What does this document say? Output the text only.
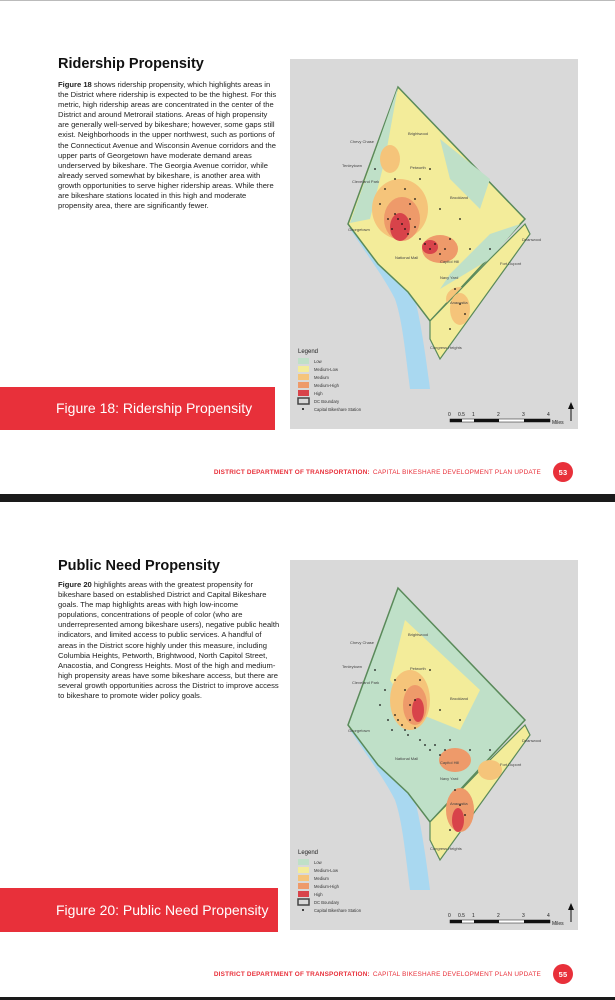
Ridership Propensity
Figure 18 shows ridership propensity, which highlights areas in the District where ridership is expected to be the highest. For this metric, high ridership areas are concentrated in the center of the District and around Metrorail stations. Areas of high propensity are generally well-served by bikeshare; however, some gaps still exist. Neighborhoods in the upper northwest, such as portions of the Connecticut Avenue and Wisconsin Avenue corridors and the upper parts of Georgetown have moderate demand areas underserved by bikeshare. The Georgia Avenue corridor, while already served somewhat by bikeshare, is another area with growth opportunities to serve higher ridership areas. While there are bikeshare stations located in this high and moderate propensity area, there are significantly fewer.
Chevy Chase
Brightwood
Tenleytown	Petworth
Cleveland Park
Brookland
Georgetown
National Mall
Capitol Hill
Navy Yard
Fort Dupont
Anacostia
Congress Heights
Deanwood
Legend
Low
Medium-Low
Medium
Medium-High
High
DC Boundary
Capital Bikeshare Station
0 0.5 1	2	3	4
Miles
Figure 18: Ridership Propensity
DISTRICT DEPARTMENT OF TRANSPORTATION: CAPITAL BIKESHARE DEVELOPMENT PLAN UPDATE	53
Public Need Propensity
Figure 20 highlights areas with the greatest propensity for bikeshare based on established District and Capital Bikeshare goals. The map highlights areas with high low-income populations, concentrations of people of color (who are underrepresented among bikeshare users), negative public health indicators, and limited access to public services. A handful of areas in the District score highly under this measure, including Columbia Heights, Petworth, Brightwood, North Capitol Street, Anacostia, and Congress Heights. Most of the high and medium-high propensity areas have some bikeshare access, but there are several growth opportunities across the District to improve access to bikeshare to promote wider policy goals.
Chevy Chase
Brightwood
Tenleytown	Petworth
Cleveland Park
Brookland
Georgetown
National Mall
Capitol Hill
Navy Yard
Fort Dupont
Anacostia
Congress Heights
Deanwood
Legend
Low
Medium-Low
Medium
Medium-High
High
DC Boundary
Capital Bikeshare Station
0 0.5 1	2	3	4
Miles
Figure 20: Public Need Propensity
DISTRICT DEPARTMENT OF TRANSPORTATION: CAPITAL BIKESHARE DEVELOPMENT PLAN UPDATE	55
